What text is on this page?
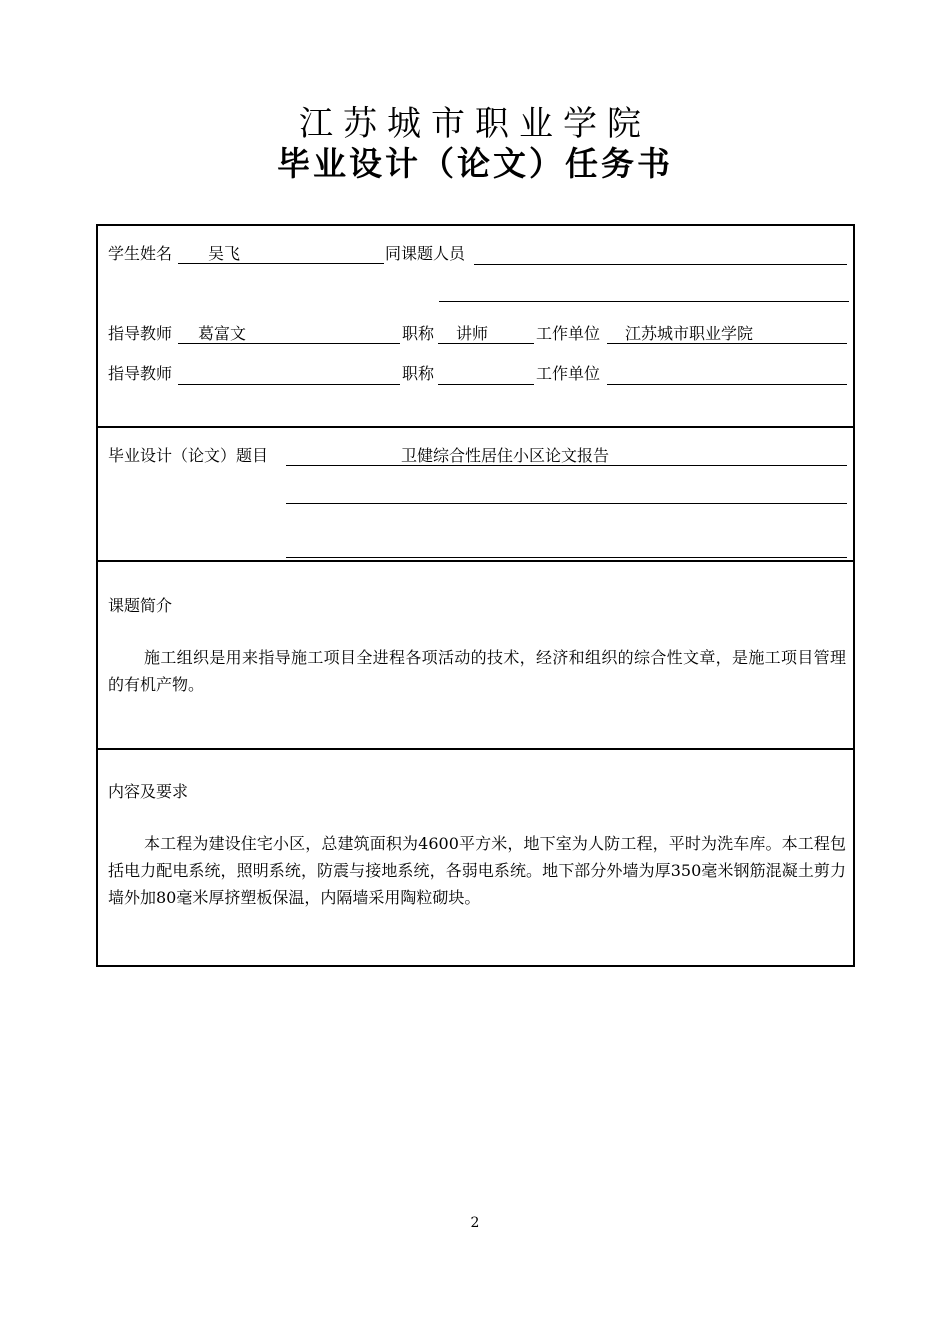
江苏城市职业学院
毕业设计（论文）任务书
学生姓名	吴飞	同课题人员
指导教师	葛富文	职称	讲师	工作单位	江苏城市职业学院
指导教师	职称	工作单位
毕业设计（论文）题目	卫健综合性居住小区论文报告
课题简介
施工组织是用来指导施工项目全进程各项活动的技术，经济和组织的综合性文章，是施工项目管理的有机产物。
内容及要求
本工程为建设住宅小区，总建筑面积为4600平方米，地下室为人防工程，平时为洗车库。本工程包括电力配电系统，照明系统，防震与接地系统，各弱电系统。地下部分外墙为厚350毫米钢筋混凝土剪力墙外加80毫米厚挤塑板保温，内隔墙采用陶粒砌块。
2
